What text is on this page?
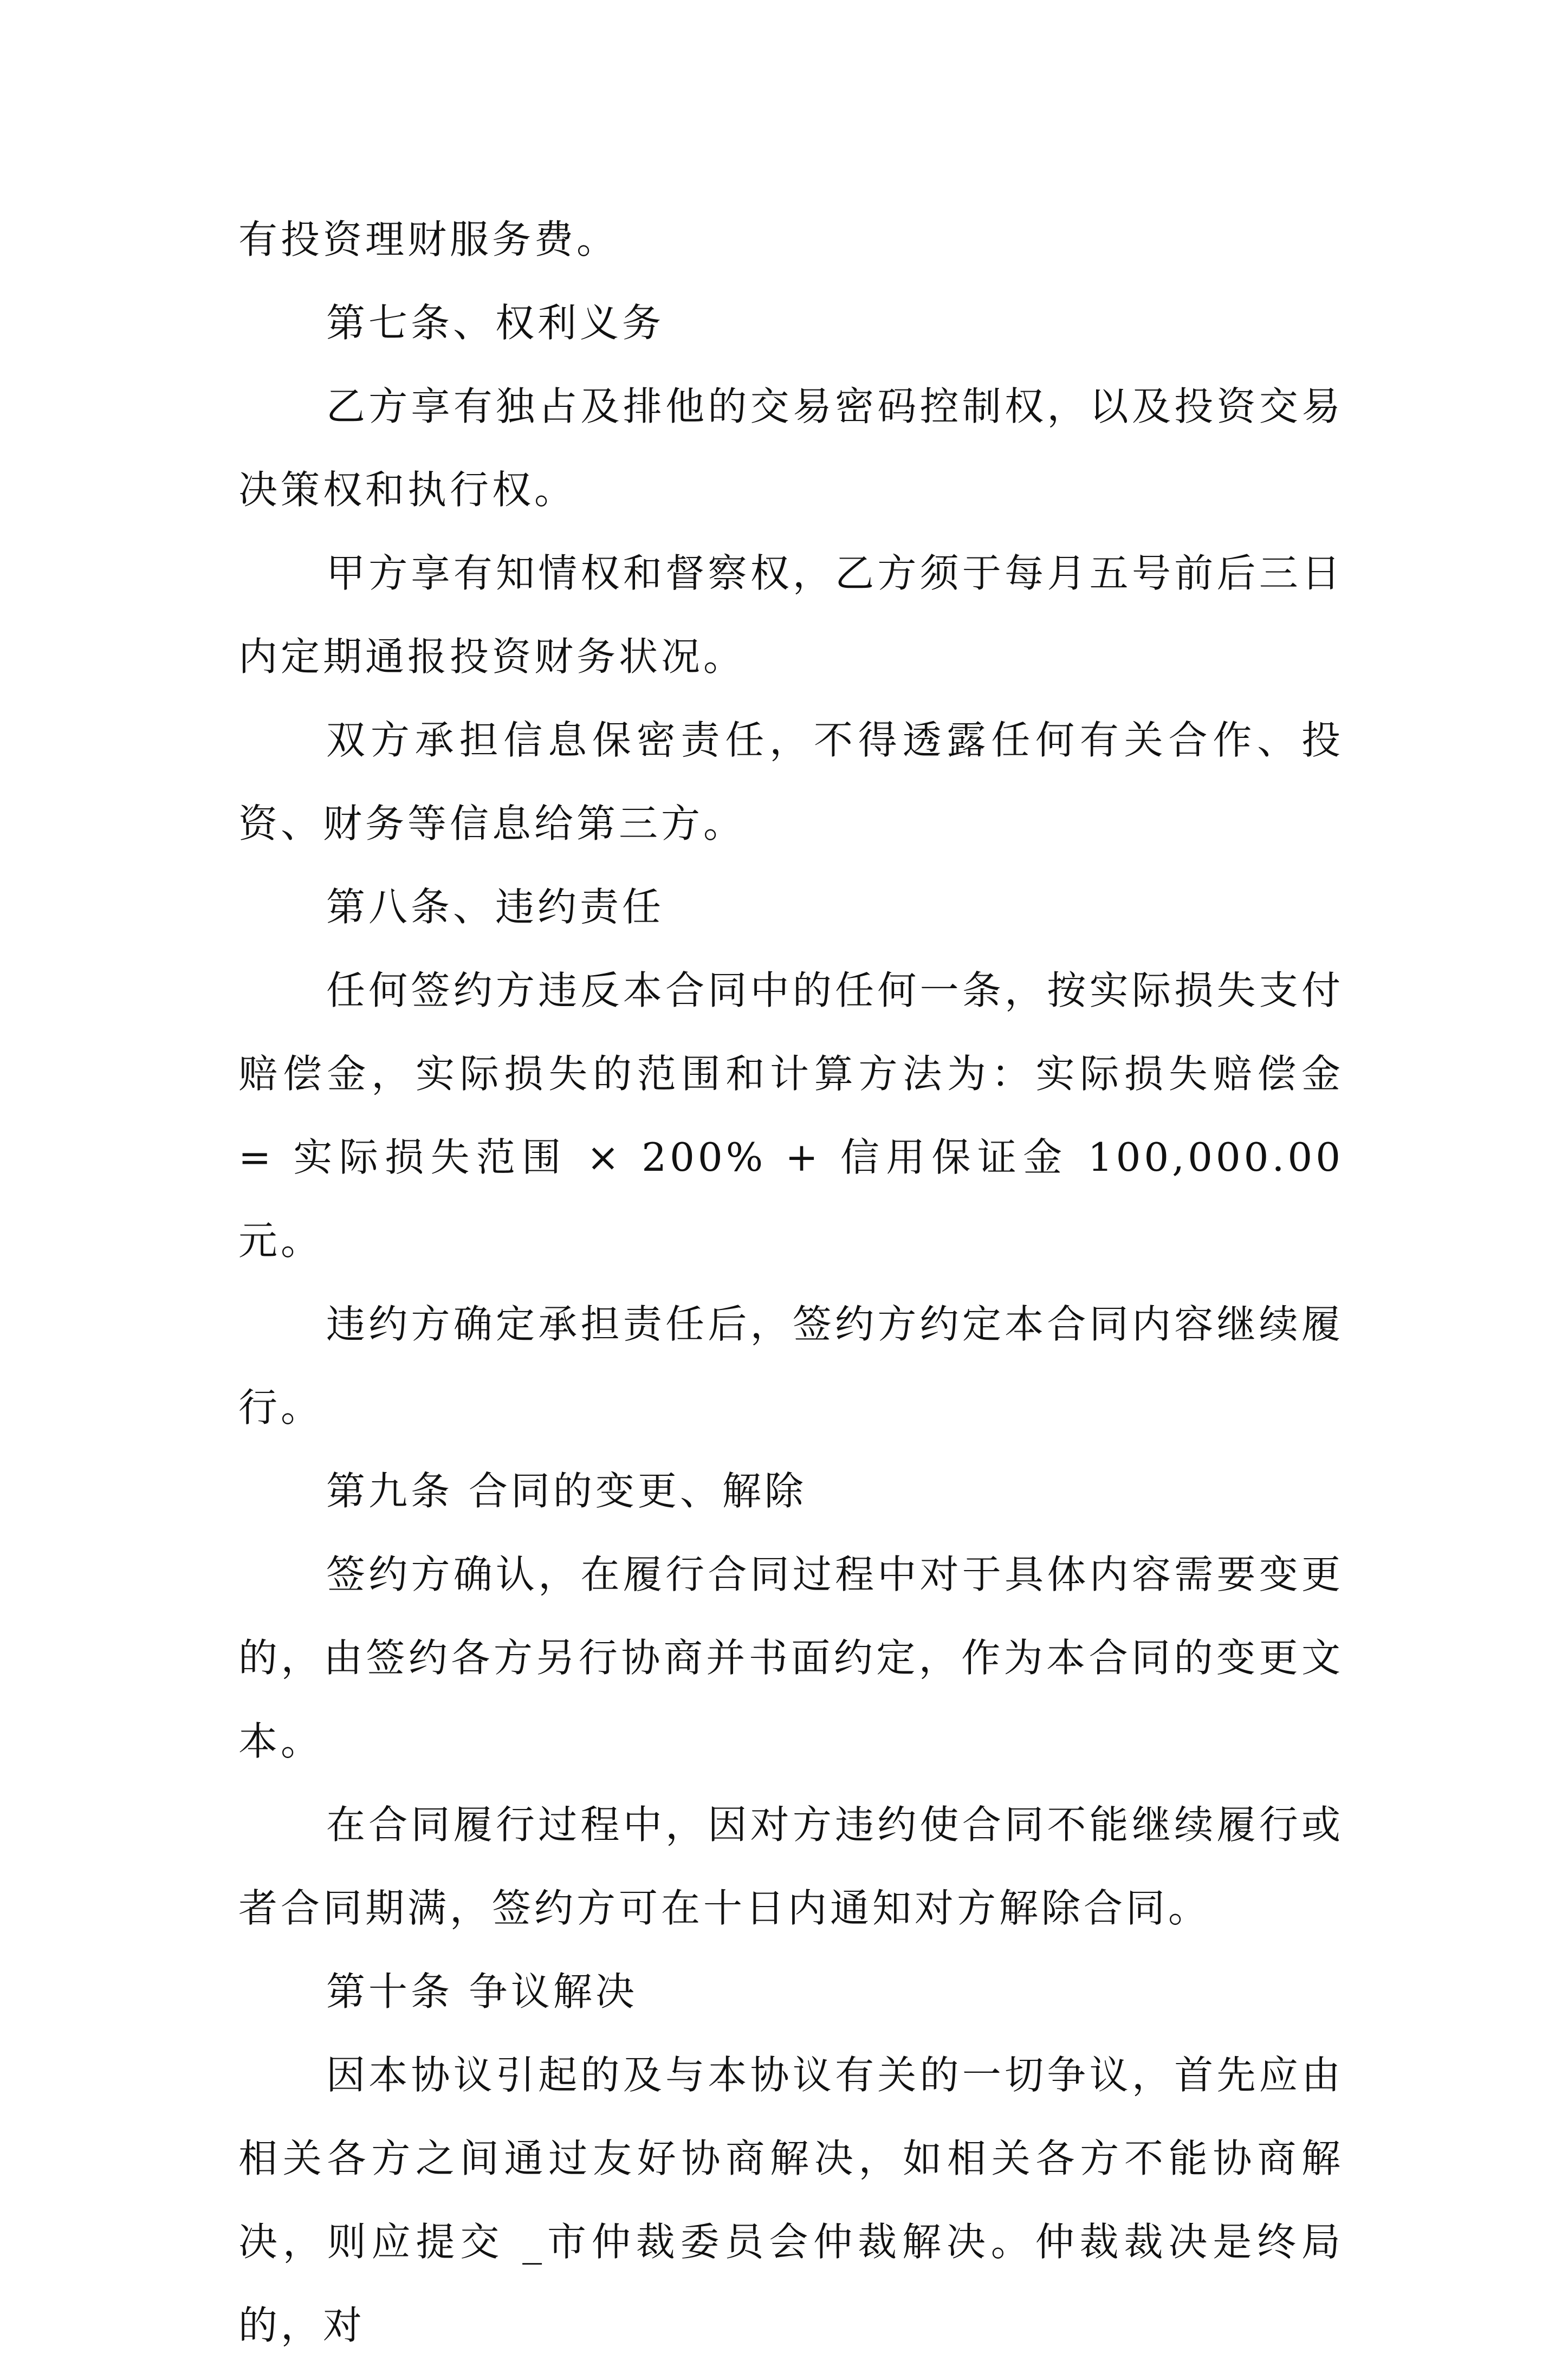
有投资理财服务费。

第七条、权利义务

乙方享有独占及排他的交易密码控制权，以及投资交易决策权和执行权。

甲方享有知情权和督察权，乙方须于每月五号前后三日内定期通报投资财务状况。

双方承担信息保密责任，不得透露任何有关合作、投资、财务等信息给第三方。

第八条、违约责任

任何签约方违反本合同中的任何一条，按实际损失支付赔偿金，实际损失的范围和计算方法为：实际损失赔偿金 = 实际损失范围 × 200% + 信用保证金 100,000.00 元。

违约方确定承担责任后，签约方约定本合同内容继续履行。

第九条 合同的变更、解除

签约方确认，在履行合同过程中对于具体内容需要变更的，由签约各方另行协商并书面约定，作为本合同的变更文本。

在合同履行过程中，因对方违约使合同不能继续履行或者合同期满，签约方可在十日内通知对方解除合同。

第十条 争议解决

因本协议引起的及与本协议有关的一切争议，首先应由相关各方之间通过友好协商解决，如相关各方不能协商解决，则应提交 _市仲裁委员会仲裁解决。仲裁裁决是终局的，对
